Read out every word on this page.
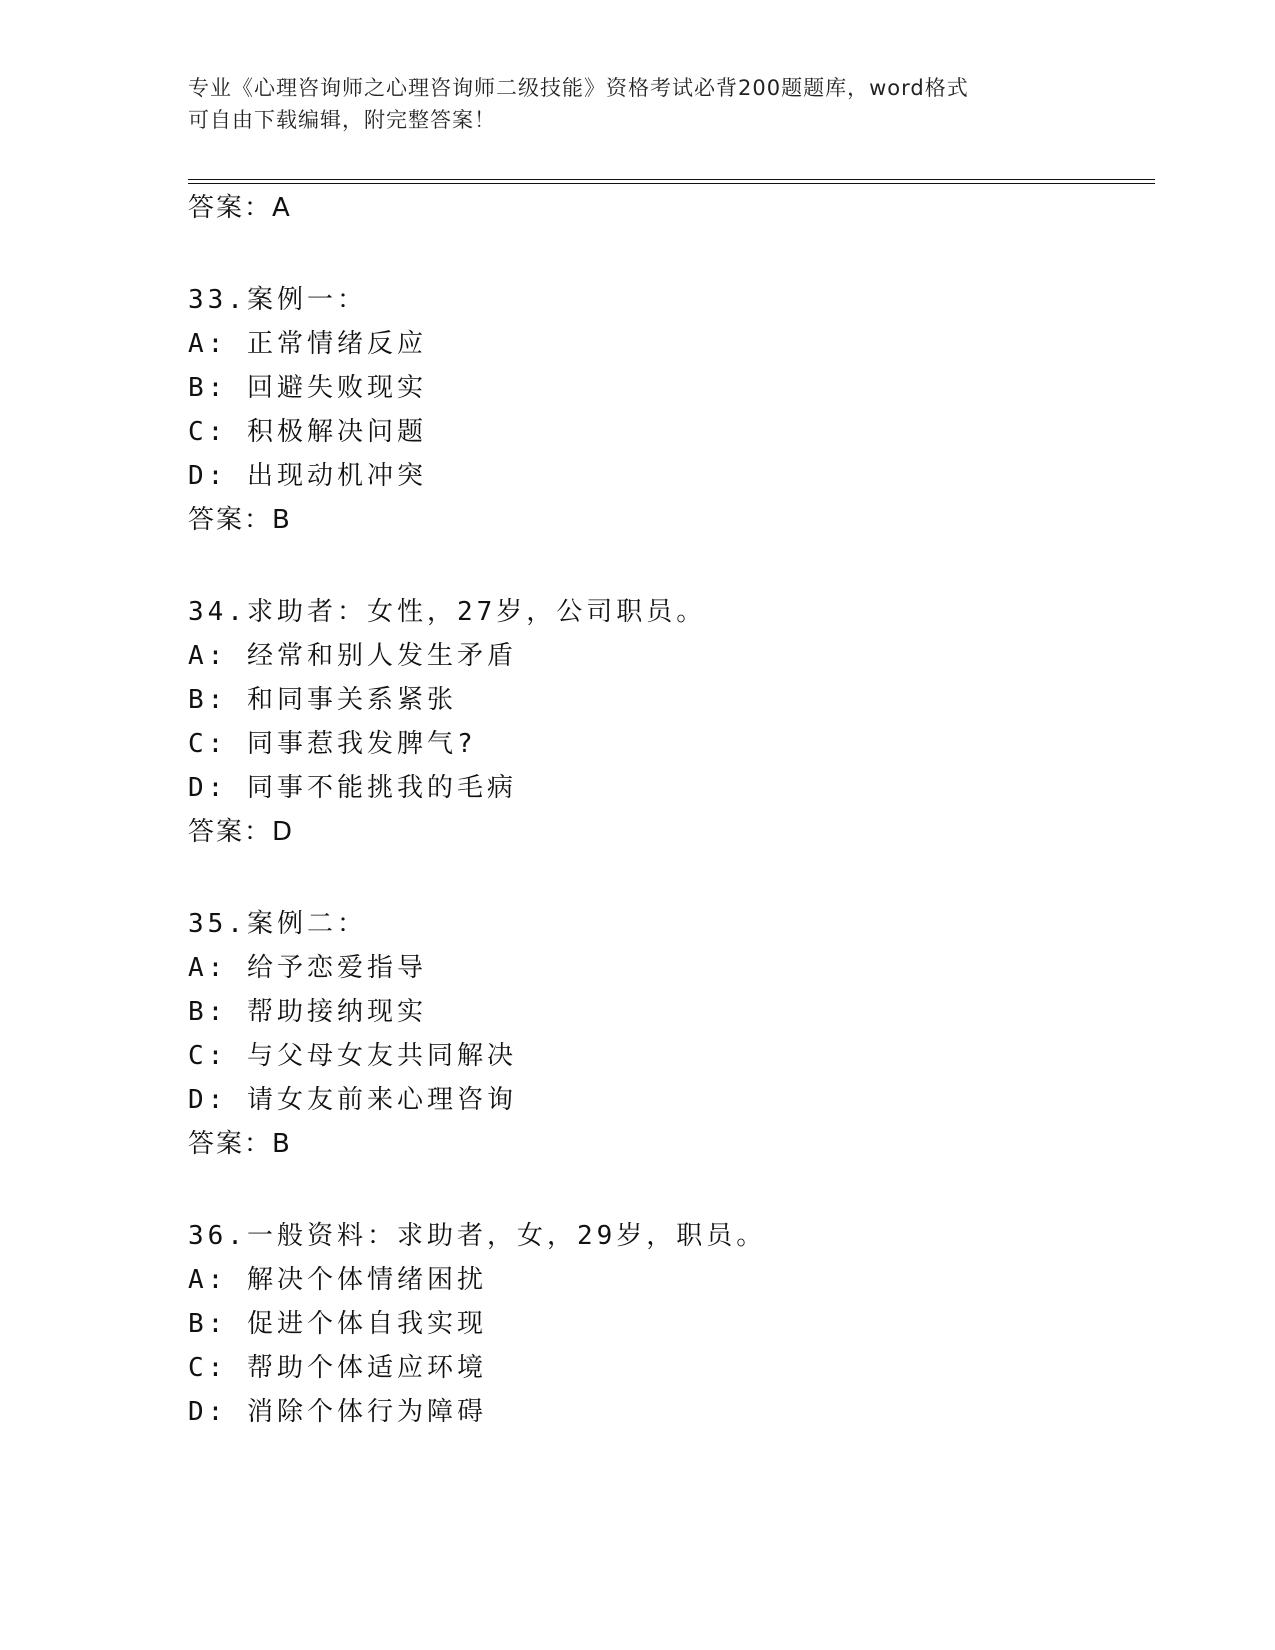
专业《心理咨询师之心理咨询师二级技能》资格考试必背200题题库，word格式
可自由下载编辑，附完整答案！
答案：A
33.案例一：
A: 正常情绪反应
B: 回避失败现实
C: 积极解决问题
D: 出现动机冲突
答案：B
34.求助者：女性，27岁，公司职员。
A: 经常和别人发生矛盾
B: 和同事关系紧张
C: 同事惹我发脾气?
D: 同事不能挑我的毛病
答案：D
35.案例二：
A: 给予恋爱指导
B: 帮助接纳现实
C: 与父母女友共同解决
D: 请女友前来心理咨询
答案：B
36.一般资料：求助者，女，29岁，职员。
A: 解决个体情绪困扰
B: 促进个体自我实现
C: 帮助个体适应环境
D: 消除个体行为障碍
